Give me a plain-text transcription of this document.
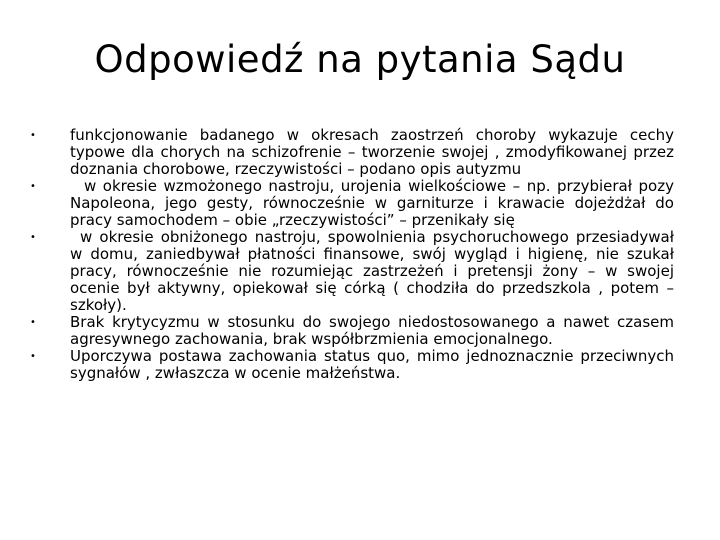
Odpowiedź na pytania Sądu
•	funkcjonowanie badanego w okresach zaostrzeń choroby wykazuje cechy typowe dla chorych na schizofrenie – tworzenie swojej , zmodyfikowanej przez doznania chorobowe, rzeczywistości – podano opis autyzmu
•	w okresie wzmożonego nastroju, urojenia wielkościowe – np. przybierał pozy Napoleona, jego gesty, równocześnie w garniturze i krawacie dojeżdżał do pracy samochodem – obie „rzeczywistości” – przenikały się
•	w okresie obniżonego nastroju, spowolnienia psychoruchowego przesiadywał w domu, zaniedbywał płatności finansowe, swój wygląd i higienę, nie szukał pracy, równocześnie nie rozumiejąc zastrzeżeń i pretensji żony – w swojej ocenie był aktywny, opiekował się córką ( chodziła do przedszkola , potem – szkoły).
•	Brak krytycyzmu w stosunku do swojego niedostosowanego a nawet czasem agresywnego zachowania, brak współbrzmienia emocjonalnego.
•	Uporczywa postawa zachowania status quo, mimo jednoznacznie przeciwnych sygnałów , zwłaszcza w ocenie małżeństwa.
